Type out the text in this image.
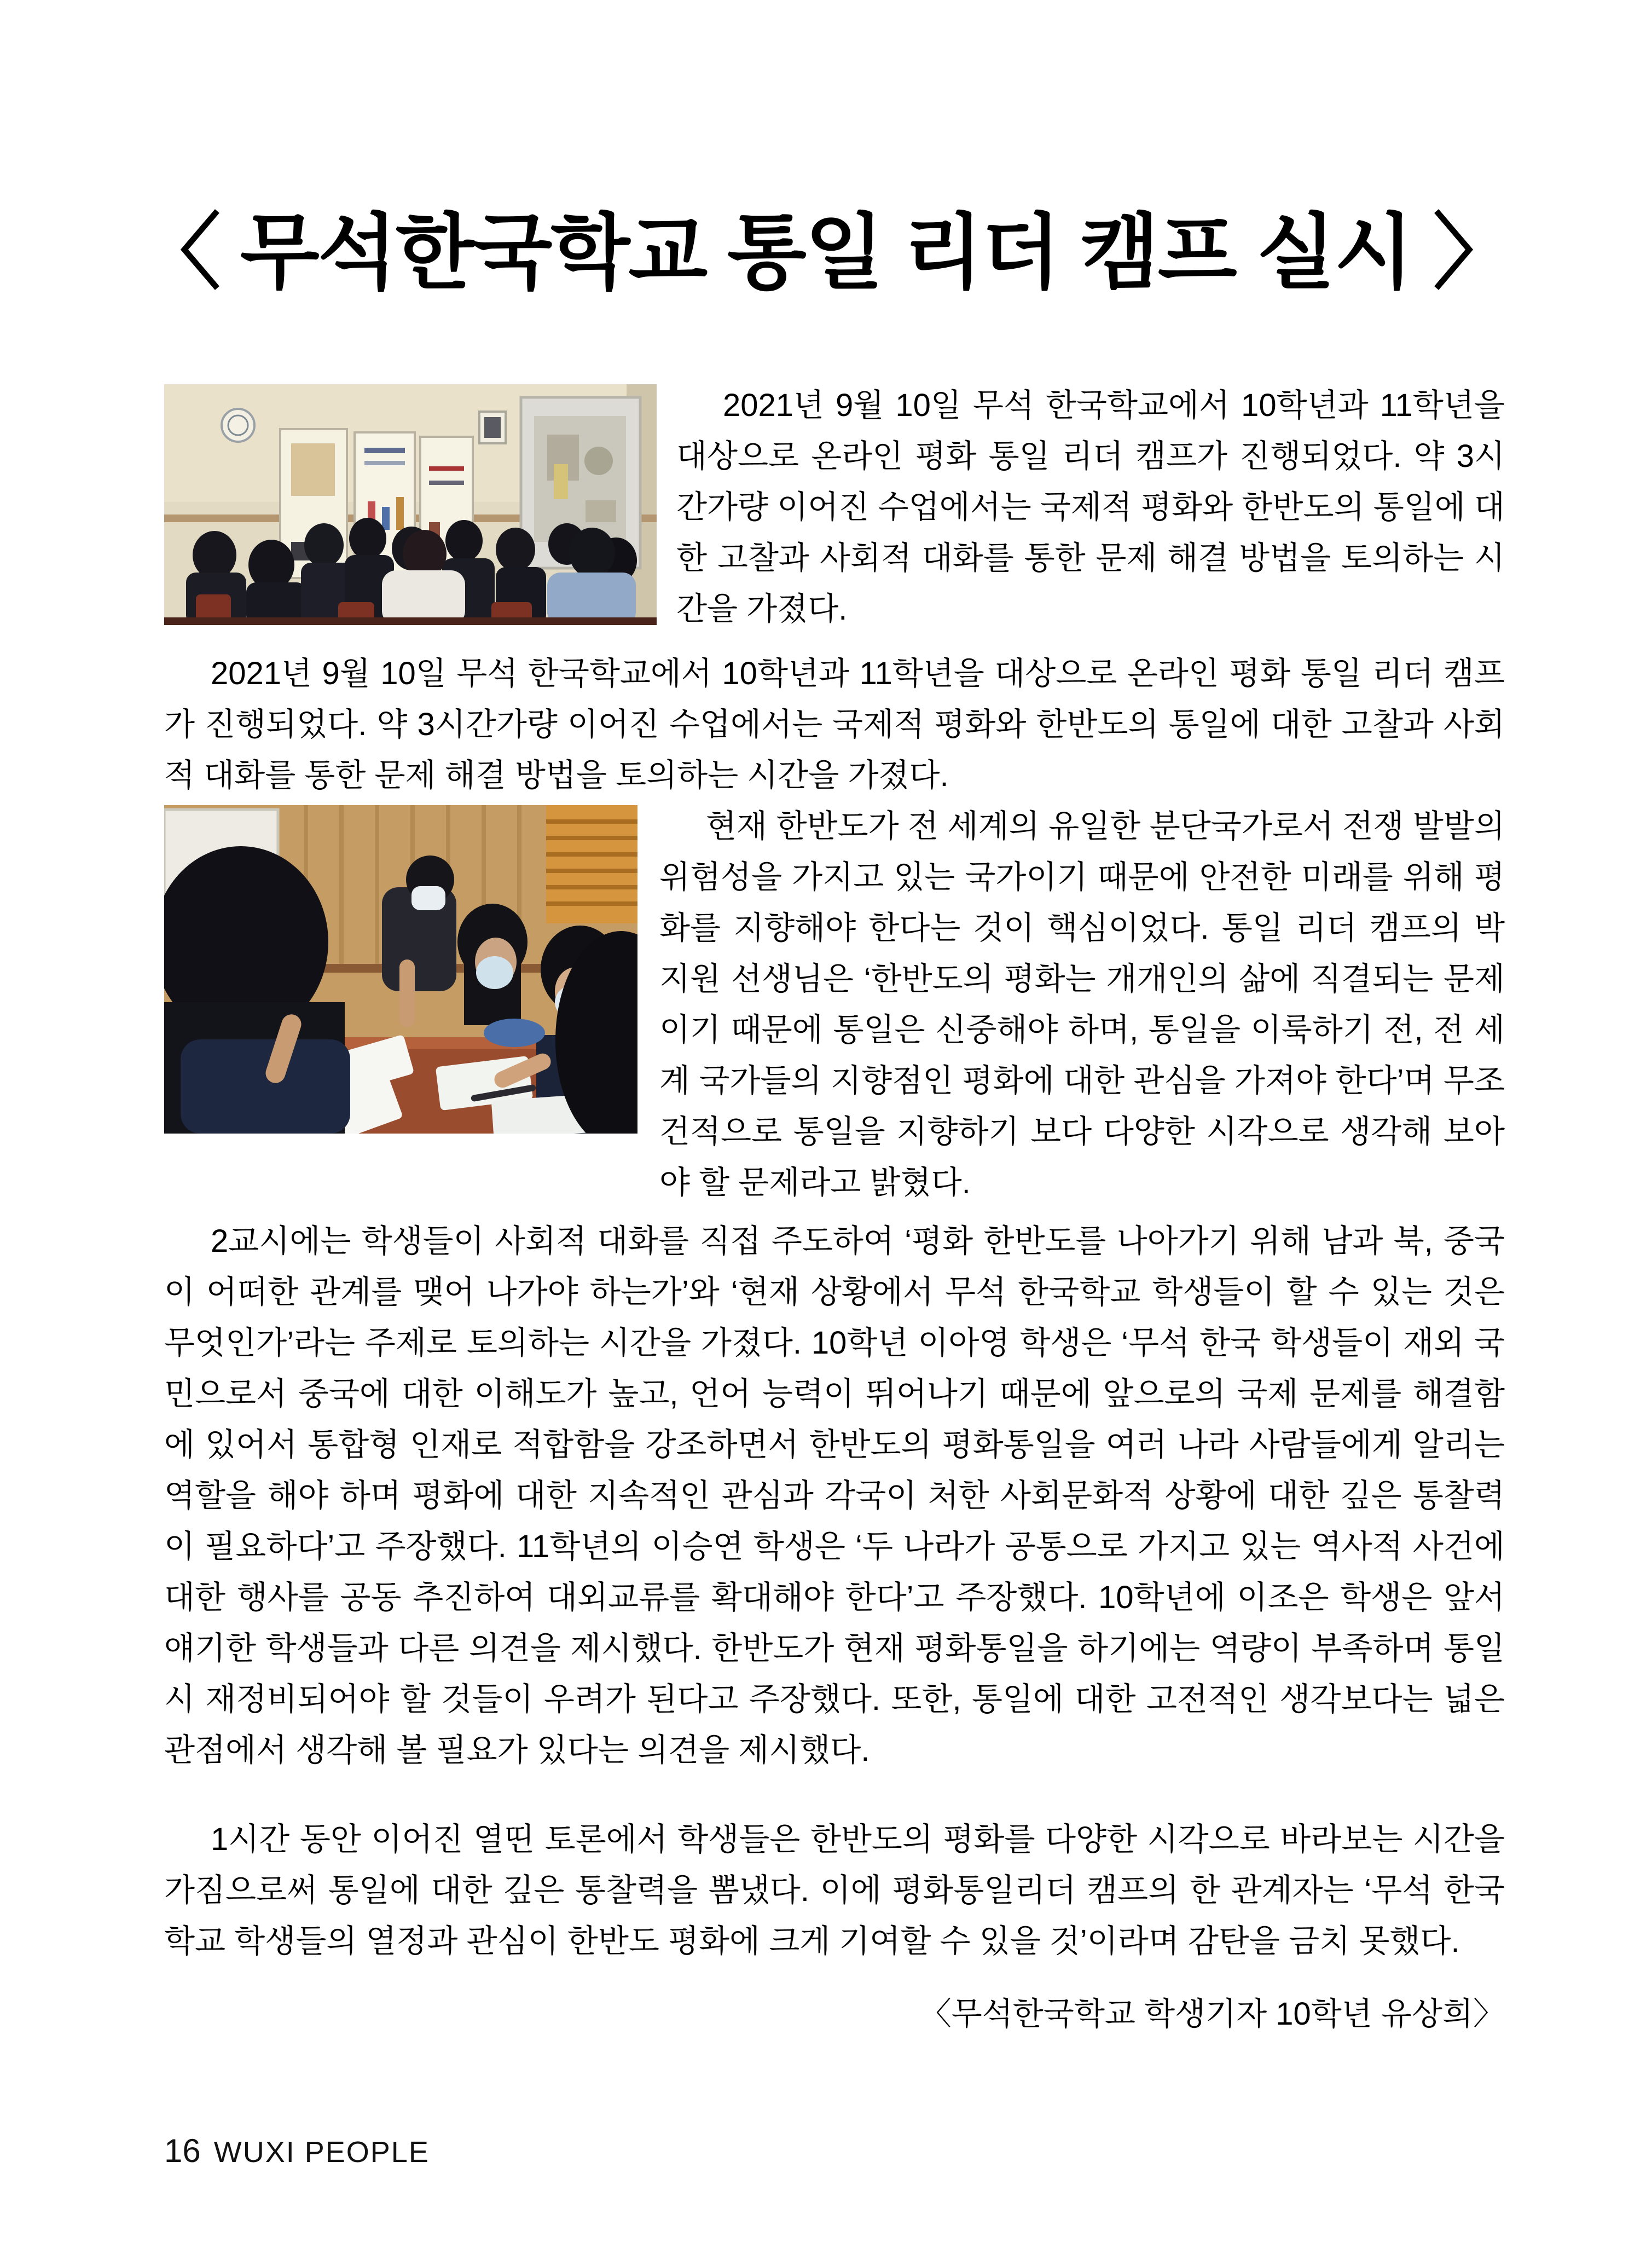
〈 무석한국학교 통일 리더 캠프 실시 〉

2021년 9월 10일 무석 한국학교에서 10학년과 11학년을 대상으로 온라인 평화 통일 리더 캠프가 진행되었다. 약 3시간가량 이어진 수업에서는 국제적 평화와 한반도의 통일에 대한 고찰과 사회적 대화를 통한 문제 해결 방법을 토의하는 시간을 가졌다.

2021년 9월 10일 무석 한국학교에서 10학년과 11학년을 대상으로 온라인 평화 통일 리더 캠프가 진행되었다. 약 3시간가량 이어진 수업에서는 국제적 평화와 한반도의 통일에 대한 고찰과 사회적 대화를 통한 문제 해결 방법을 토의하는 시간을 가졌다.

현재 한반도가 전 세계의 유일한 분단국가로서 전쟁 발발의 위험성을 가지고 있는 국가이기 때문에 안전한 미래를 위해 평화를 지향해야 한다는 것이 핵심이었다. 통일 리더 캠프의 박지원 선생님은 ‘한반도의 평화는 개개인의 삶에 직결되는 문제이기 때문에 통일은 신중해야 하며, 통일을 이룩하기 전, 전 세계 국가들의 지향점인 평화에 대한 관심을 가져야 한다’며 무조건적으로 통일을 지향하기 보다 다양한 시각으로 생각해 보아야 할 문제라고 밝혔다.

2교시에는 학생들이 사회적 대화를 직접 주도하여 ‘평화 한반도를 나아가기 위해 남과 북, 중국이 어떠한 관계를 맺어 나가야 하는가’와 ‘현재 상황에서 무석 한국학교 학생들이 할 수 있는 것은 무엇인가’라는 주제로 토의하는 시간을 가졌다. 10학년 이아영 학생은 ‘무석 한국 학생들이 재외 국민으로서 중국에 대한 이해도가 높고, 언어 능력이 뛰어나기 때문에 앞으로의 국제 문제를 해결함에 있어서 통합형 인재로 적합함을 강조하면서 한반도의 평화통일을 여러 나라 사람들에게 알리는 역할을 해야 하며 평화에 대한 지속적인 관심과 각국이 처한 사회문화적 상황에 대한 깊은 통찰력이 필요하다’고 주장했다. 11학년의 이승연 학생은 ‘두 나라가 공통으로 가지고 있는 역사적 사건에 대한 행사를 공동 추진하여 대외교류를 확대해야 한다’고 주장했다. 10학년에 이조은 학생은 앞서 얘기한 학생들과 다른 의견을 제시했다. 한반도가 현재 평화통일을 하기에는 역량이 부족하며 통일 시 재정비되어야 할 것들이 우려가 된다고 주장했다. 또한, 통일에 대한 고전적인 생각보다는 넓은 관점에서 생각해 볼 필요가 있다는 의견을 제시했다.

1시간 동안 이어진 열띤 토론에서 학생들은 한반도의 평화를 다양한 시각으로 바라보는 시간을 가짐으로써 통일에 대한 깊은 통찰력을 뽐냈다. 이에 평화통일리더 캠프의 한 관계자는 ‘무석 한국학교 학생들의 열정과 관심이 한반도 평화에 크게 기여할 수 있을 것’이라며 감탄을 금치 못했다.

〈무석한국학교 학생기자 10학년 유상희〉

16 WUXI PEOPLE
